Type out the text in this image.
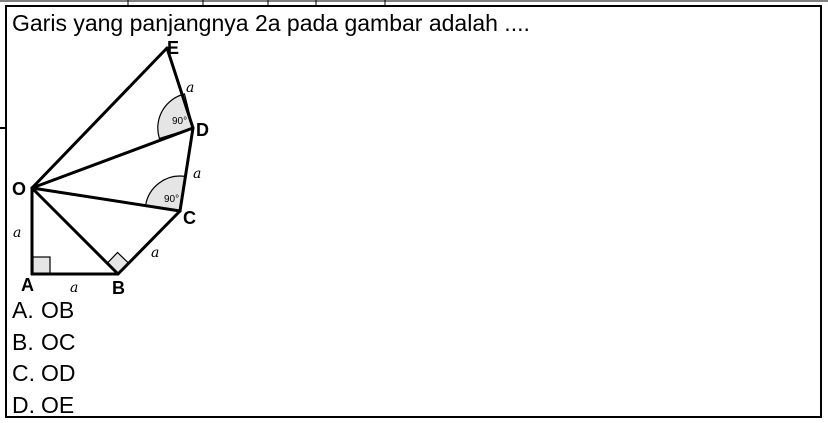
Garis yang panjangnya 2a pada gambar adalah ....
E
D
O
C
A	B
a
a
a
a
a
90°
90°
A. OB
B. OC
C. OD
D. OE
